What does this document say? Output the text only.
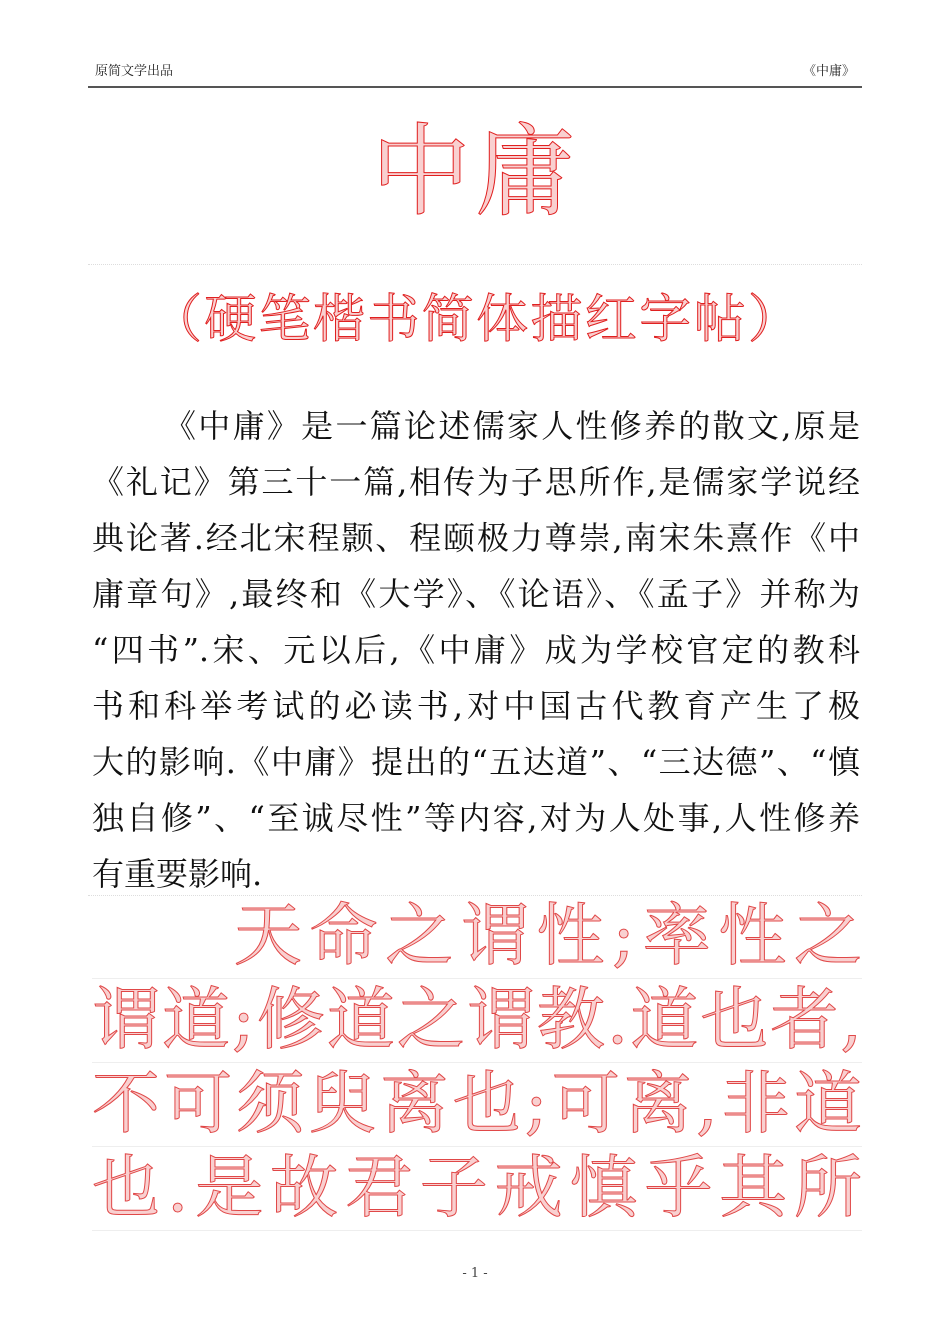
原简文学出品	《中庸》
中庸
（硬笔楷书简体描红字帖）
《中庸》是一篇论述儒家人性修养的散文,原是
《礼记》第三十一篇,相传为子思所作,是儒家学说经
典论著.经北宋程颢、程颐极力尊崇,南宋朱熹作《中
庸章句》,最终和《大学》、《论语》、《孟子》并称为
“四书”.宋、元以后,《中庸》成为学校官定的教科
书和科举考试的必读书,对中国古代教育产生了极
大的影响.《中庸》提出的“五达道”、“三达德”、“慎
独自修”、“至诚尽性”等内容,对为人处事,人性修养
有重要影响.
天命之谓性;率性之
谓道;修道之谓教.道也者,
不可须臾离也;可离,非道
也.是故君子戒慎乎其所
- 1 -
